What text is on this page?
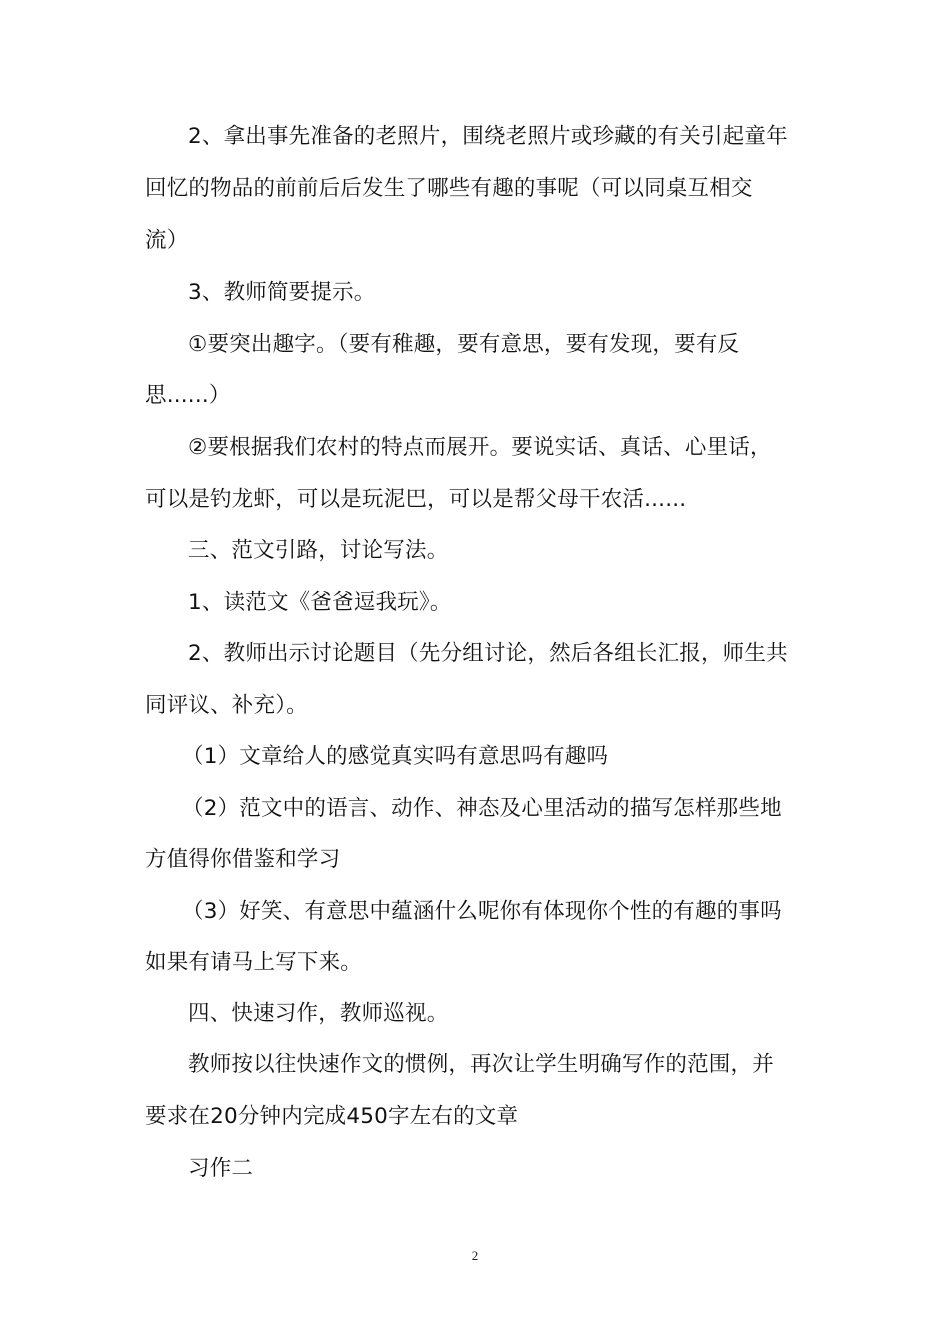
2、拿出事先准备的老照片，围绕老照片或珍藏的有关引起童年
回忆的物品的前前后后发生了哪些有趣的事呢（可以同桌互相交
流）
3、教师简要提示。
①要突出趣字。（要有稚趣，要有意思，要有发现，要有反
思......）
②要根据我们农村的特点而展开。要说实话、真话、心里话，
可以是钓龙虾，可以是玩泥巴，可以是帮父母干农活......
三、范文引路，讨论写法。
1、读范文《爸爸逗我玩》。
2、教师出示讨论题目（先分组讨论，然后各组长汇报，师生共
同评议、补充）。
（1）文章给人的感觉真实吗有意思吗有趣吗
（2）范文中的语言、动作、神态及心里活动的描写怎样那些地
方值得你借鉴和学习
（3）好笑、有意思中蕴涵什么呢你有体现你个性的有趣的事吗
如果有请马上写下来。
四、快速习作，教师巡视。
教师按以往快速作文的惯例，再次让学生明确写作的范围，并
要求在20分钟内完成450字左右的文章
习作二
2
